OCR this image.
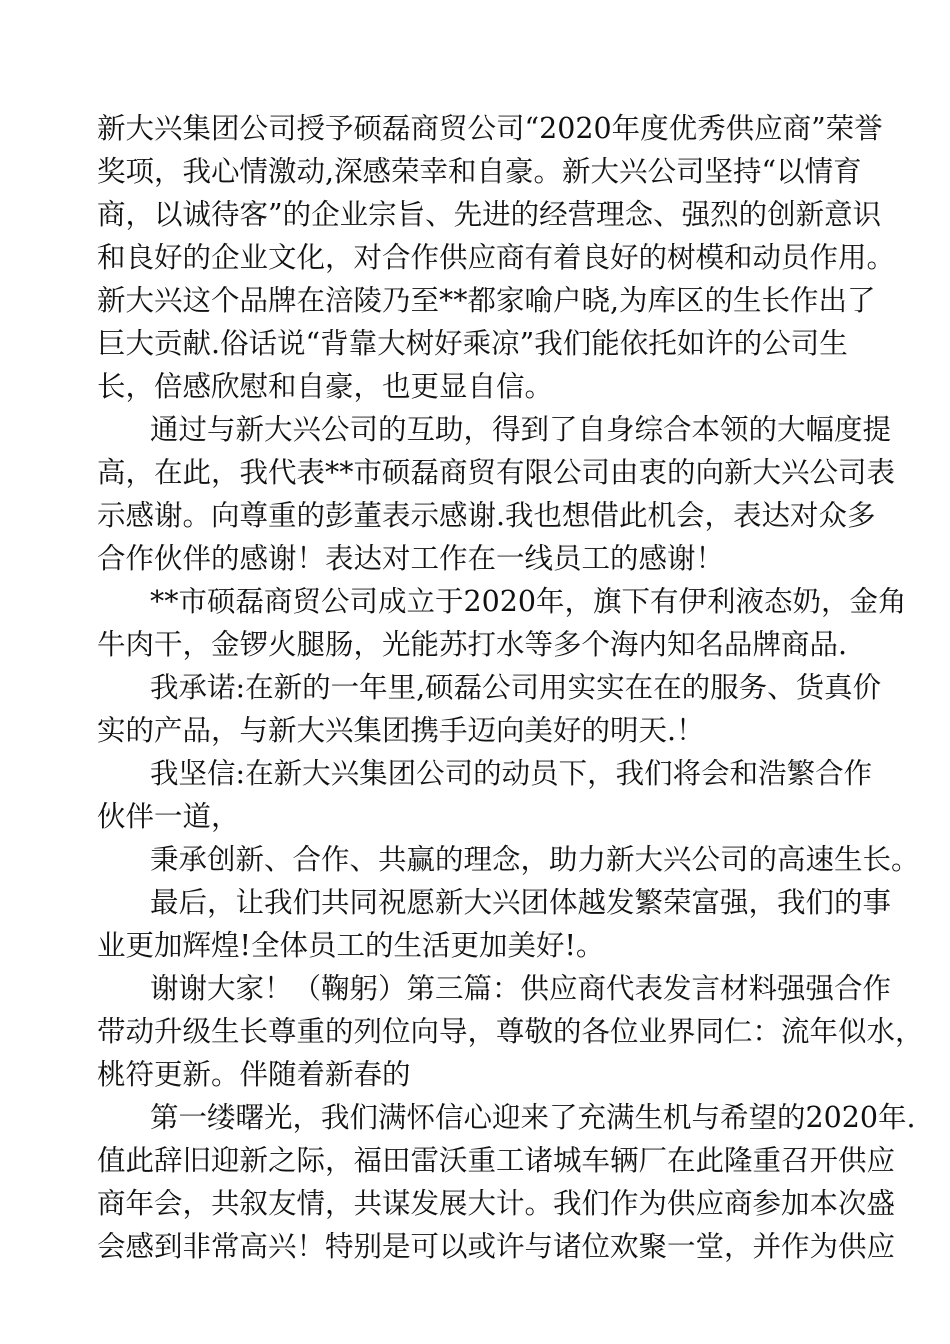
新大兴集团公司授予硕磊商贸公司“2020年度优秀供应商”荣誉
奖项，我心情激动,深感荣幸和自豪。新大兴公司坚持“以情育
商，以诚待客”的企业宗旨、先进的经营理念、强烈的创新意识
和良好的企业文化，对合作供应商有着良好的树模和动员作用。
新大兴这个品牌在涪陵乃至**都家喻户晓,为库区的生长作出了
巨大贡献.俗话说“背靠大树好乘凉”我们能依托如许的公司生
长，倍感欣慰和自豪，也更显自信。
通过与新大兴公司的互助，得到了自身综合本领的大幅度提
高，在此，我代表**市硕磊商贸有限公司由衷的向新大兴公司表
示感谢。向尊重的彭董表示感谢.我也想借此机会，表达对众多
合作伙伴的感谢！表达对工作在一线员工的感谢！
**市硕磊商贸公司成立于2020年，旗下有伊利液态奶，金角
牛肉干，金锣火腿肠，光能苏打水等多个海内知名品牌商品.
我承诺:在新的一年里,硕磊公司用实实在在的服务、货真价
实的产品，与新大兴集团携手迈向美好的明天.！
我坚信:在新大兴集团公司的动员下，我们将会和浩繁合作
伙伴一道，
秉承创新、合作、共赢的理念，助力新大兴公司的高速生长。
最后，让我们共同祝愿新大兴团体越发繁荣富强，我们的事
业更加辉煌!全体员工的生活更加美好!。
谢谢大家！（鞠躬）第三篇：供应商代表发言材料强强合作
带动升级生长尊重的列位向导，尊敬的各位业界同仁：流年似水，
桃符更新。伴随着新春的
第一缕曙光，我们满怀信心迎来了充满生机与希望的2020年.
值此辞旧迎新之际，福田雷沃重工诸城车辆厂在此隆重召开供应
商年会，共叙友情，共谋发展大计。我们作为供应商参加本次盛
会感到非常高兴！特别是可以或许与诸位欢聚一堂，并作为供应
